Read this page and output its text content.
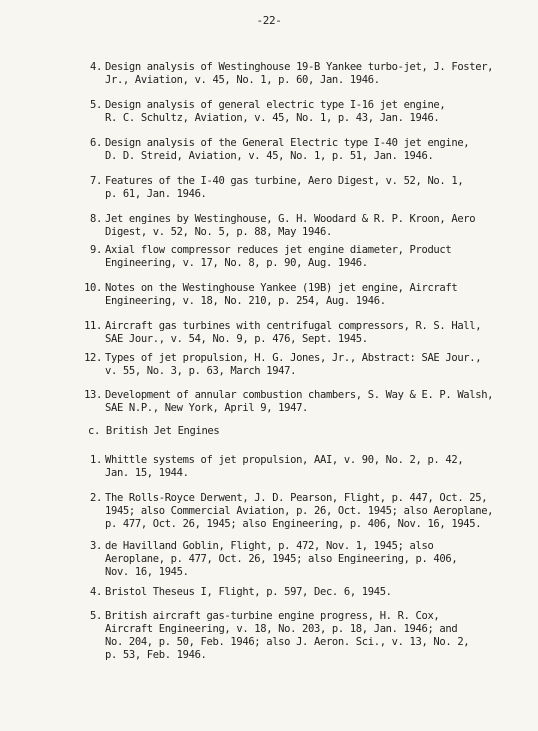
-22-
4. Design analysis of Westinghouse 19-B Yankee turbo-jet, J. Foster,
Jr., Aviation, v. 45, No. 1, p. 60, Jan. 1946.
5. Design analysis of general electric type I-16 jet engine,
R. C. Schultz, Aviation, v. 45, No. 1, p. 43, Jan. 1946.
6. Design analysis of the General Electric type I-40 jet engine,
D. D. Streid, Aviation, v. 45, No. 1, p. 51, Jan. 1946.
7. Features of the I-40 gas turbine, Aero Digest, v. 52, No. 1,
p. 61, Jan. 1946.
8. Jet engines by Westinghouse, G. H. Woodard & R. P. Kroon, Aero
Digest, v. 52, No. 5, p. 88, May 1946.
9. Axial flow compressor reduces jet engine diameter, Product
Engineering, v. 17, No. 8, p. 90, Aug. 1946.
10. Notes on the Westinghouse Yankee (19B) jet engine, Aircraft
Engineering, v. 18, No. 210, p. 254, Aug. 1946.
11. Aircraft gas turbines with centrifugal compressors, R. S. Hall,
SAE Jour., v. 54, No. 9, p. 476, Sept. 1945.
12. Types of jet propulsion, H. G. Jones, Jr., Abstract: SAE Jour.,
v. 55, No. 3, p. 63, March 1947.
13. Development of annular combustion chambers, S. Way & E. P. Walsh,
SAE N.P., New York, April 9, 1947.
c. British Jet Engines
1. Whittle systems of jet propulsion, AAI, v. 90, No. 2, p. 42,
Jan. 15, 1944.
2. The Rolls-Royce Derwent, J. D. Pearson, Flight, p. 447, Oct. 25,
1945; also Commercial Aviation, p. 26, Oct. 1945; also Aeroplane,
p. 477, Oct. 26, 1945; also Engineering, p. 406, Nov. 16, 1945.
3. de Havilland Goblin, Flight, p. 472, Nov. 1, 1945; also
Aeroplane, p. 477, Oct. 26, 1945; also Engineering, p. 406,
Nov. 16, 1945.
4. Bristol Theseus I, Flight, p. 597, Dec. 6, 1945.
5. British aircraft gas-turbine engine progress, H. R. Cox,
Aircraft Engineering, v. 18, No. 203, p. 18, Jan. 1946; and
No. 204, p. 50, Feb. 1946; also J. Aeron. Sci., v. 13, No. 2,
p. 53, Feb. 1946.
